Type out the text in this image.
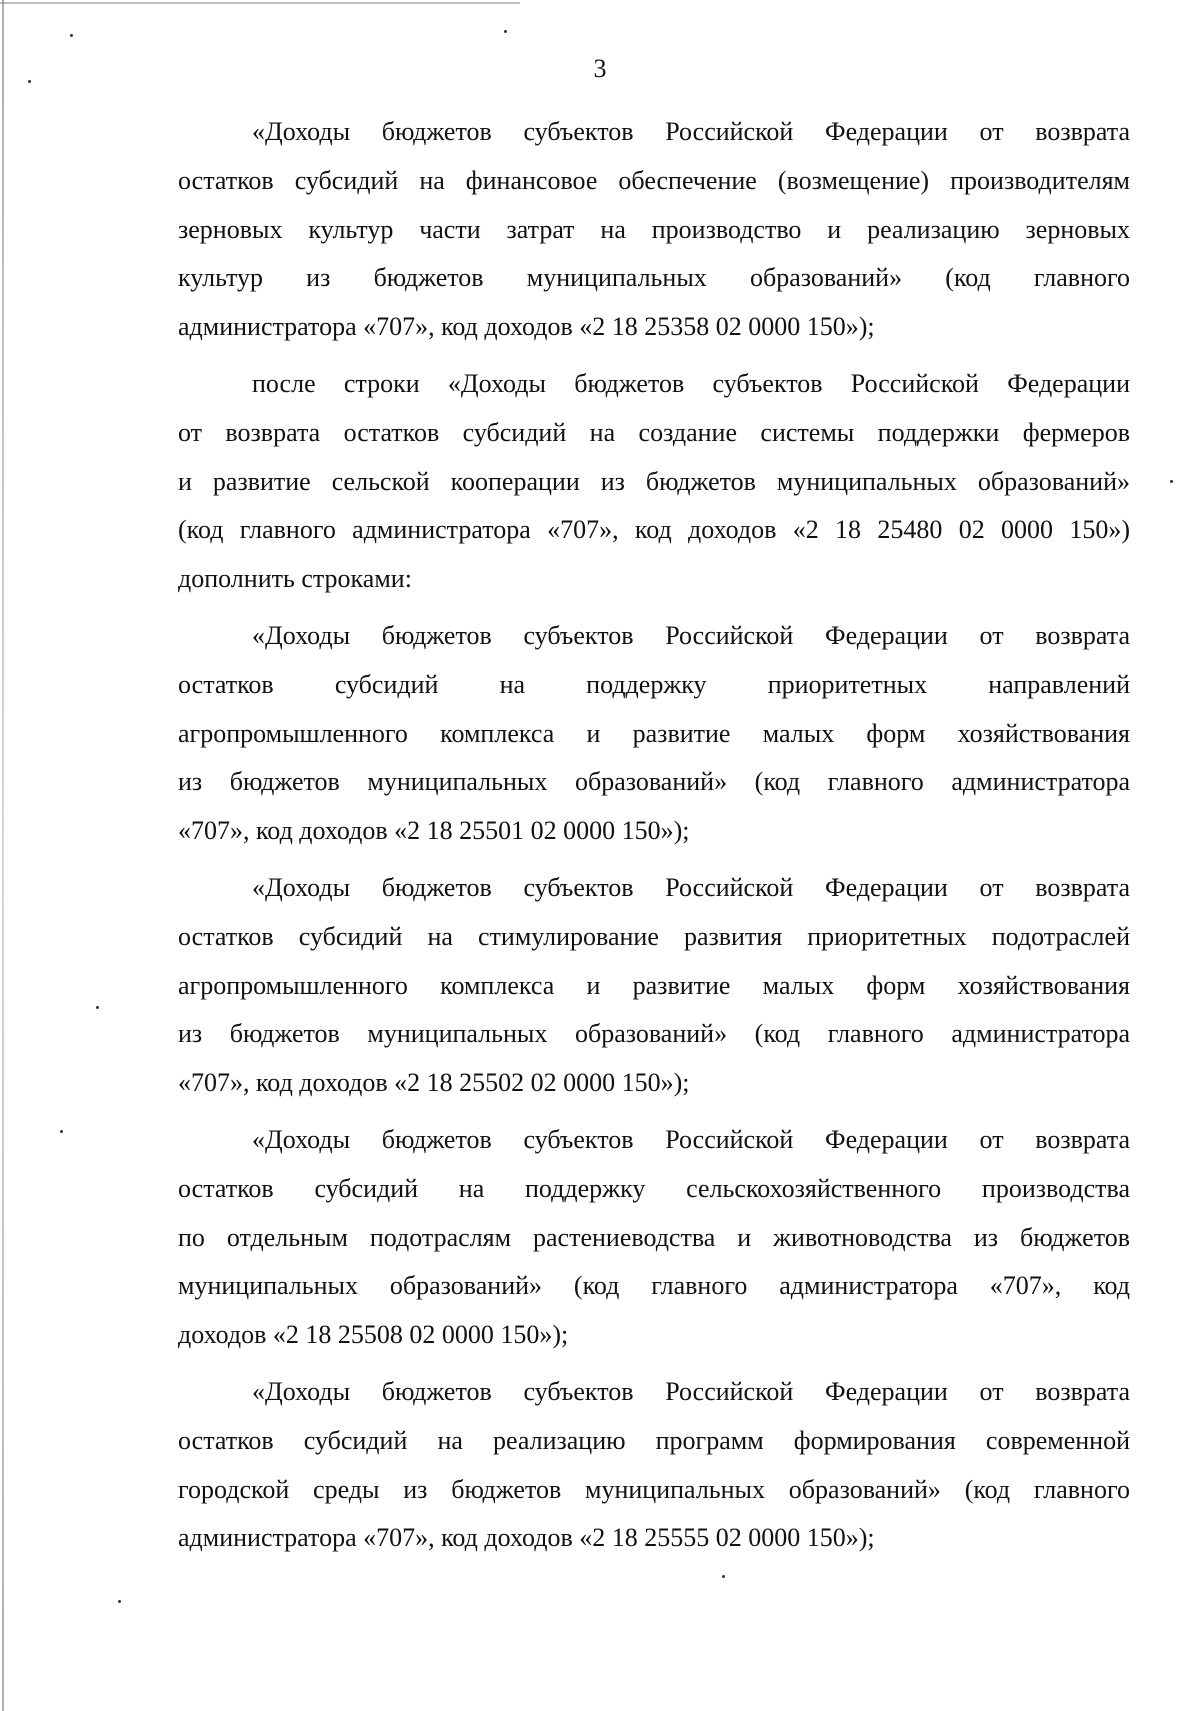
3

«Доходы бюджетов субъектов Российской Федерации от возврата
остатков субсидий на финансовое обеспечение (возмещение) производителям
зерновых культур части затрат на производство и реализацию зерновых
культур из бюджетов муниципальных образований» (код главного
администратора «707», код доходов «2 18 25358 02 0000 150»);

после строки «Доходы бюджетов субъектов Российской Федерации
от возврата остатков субсидий на создание системы поддержки фермеров
и развитие сельской кооперации из бюджетов муниципальных образований»
(код главного администратора «707», код доходов «2 18 25480 02 0000 150»)
дополнить строками:

«Доходы бюджетов субъектов Российской Федерации от возврата
остатков субсидий на поддержку приоритетных направлений
агропромышленного комплекса и развитие малых форм хозяйствования
из бюджетов муниципальных образований» (код главного администратора
«707», код доходов «2 18 25501 02 0000 150»);

«Доходы бюджетов субъектов Российской Федерации от возврата
остатков субсидий на стимулирование развития приоритетных подотраслей
агропромышленного комплекса и развитие малых форм хозяйствования
из бюджетов муниципальных образований» (код главного администратора
«707», код доходов «2 18 25502 02 0000 150»);

«Доходы бюджетов субъектов Российской Федерации от возврата
остатков субсидий на поддержку сельскохозяйственного производства
по отдельным подотраслям растениеводства и животноводства из бюджетов
муниципальных образований» (код главного администратора «707», код
доходов «2 18 25508 02 0000 150»);

«Доходы бюджетов субъектов Российской Федерации от возврата
остатков субсидий на реализацию программ формирования современной
городской среды из бюджетов муниципальных образований» (код главного
администратора «707», код доходов «2 18 25555 02 0000 150»);
